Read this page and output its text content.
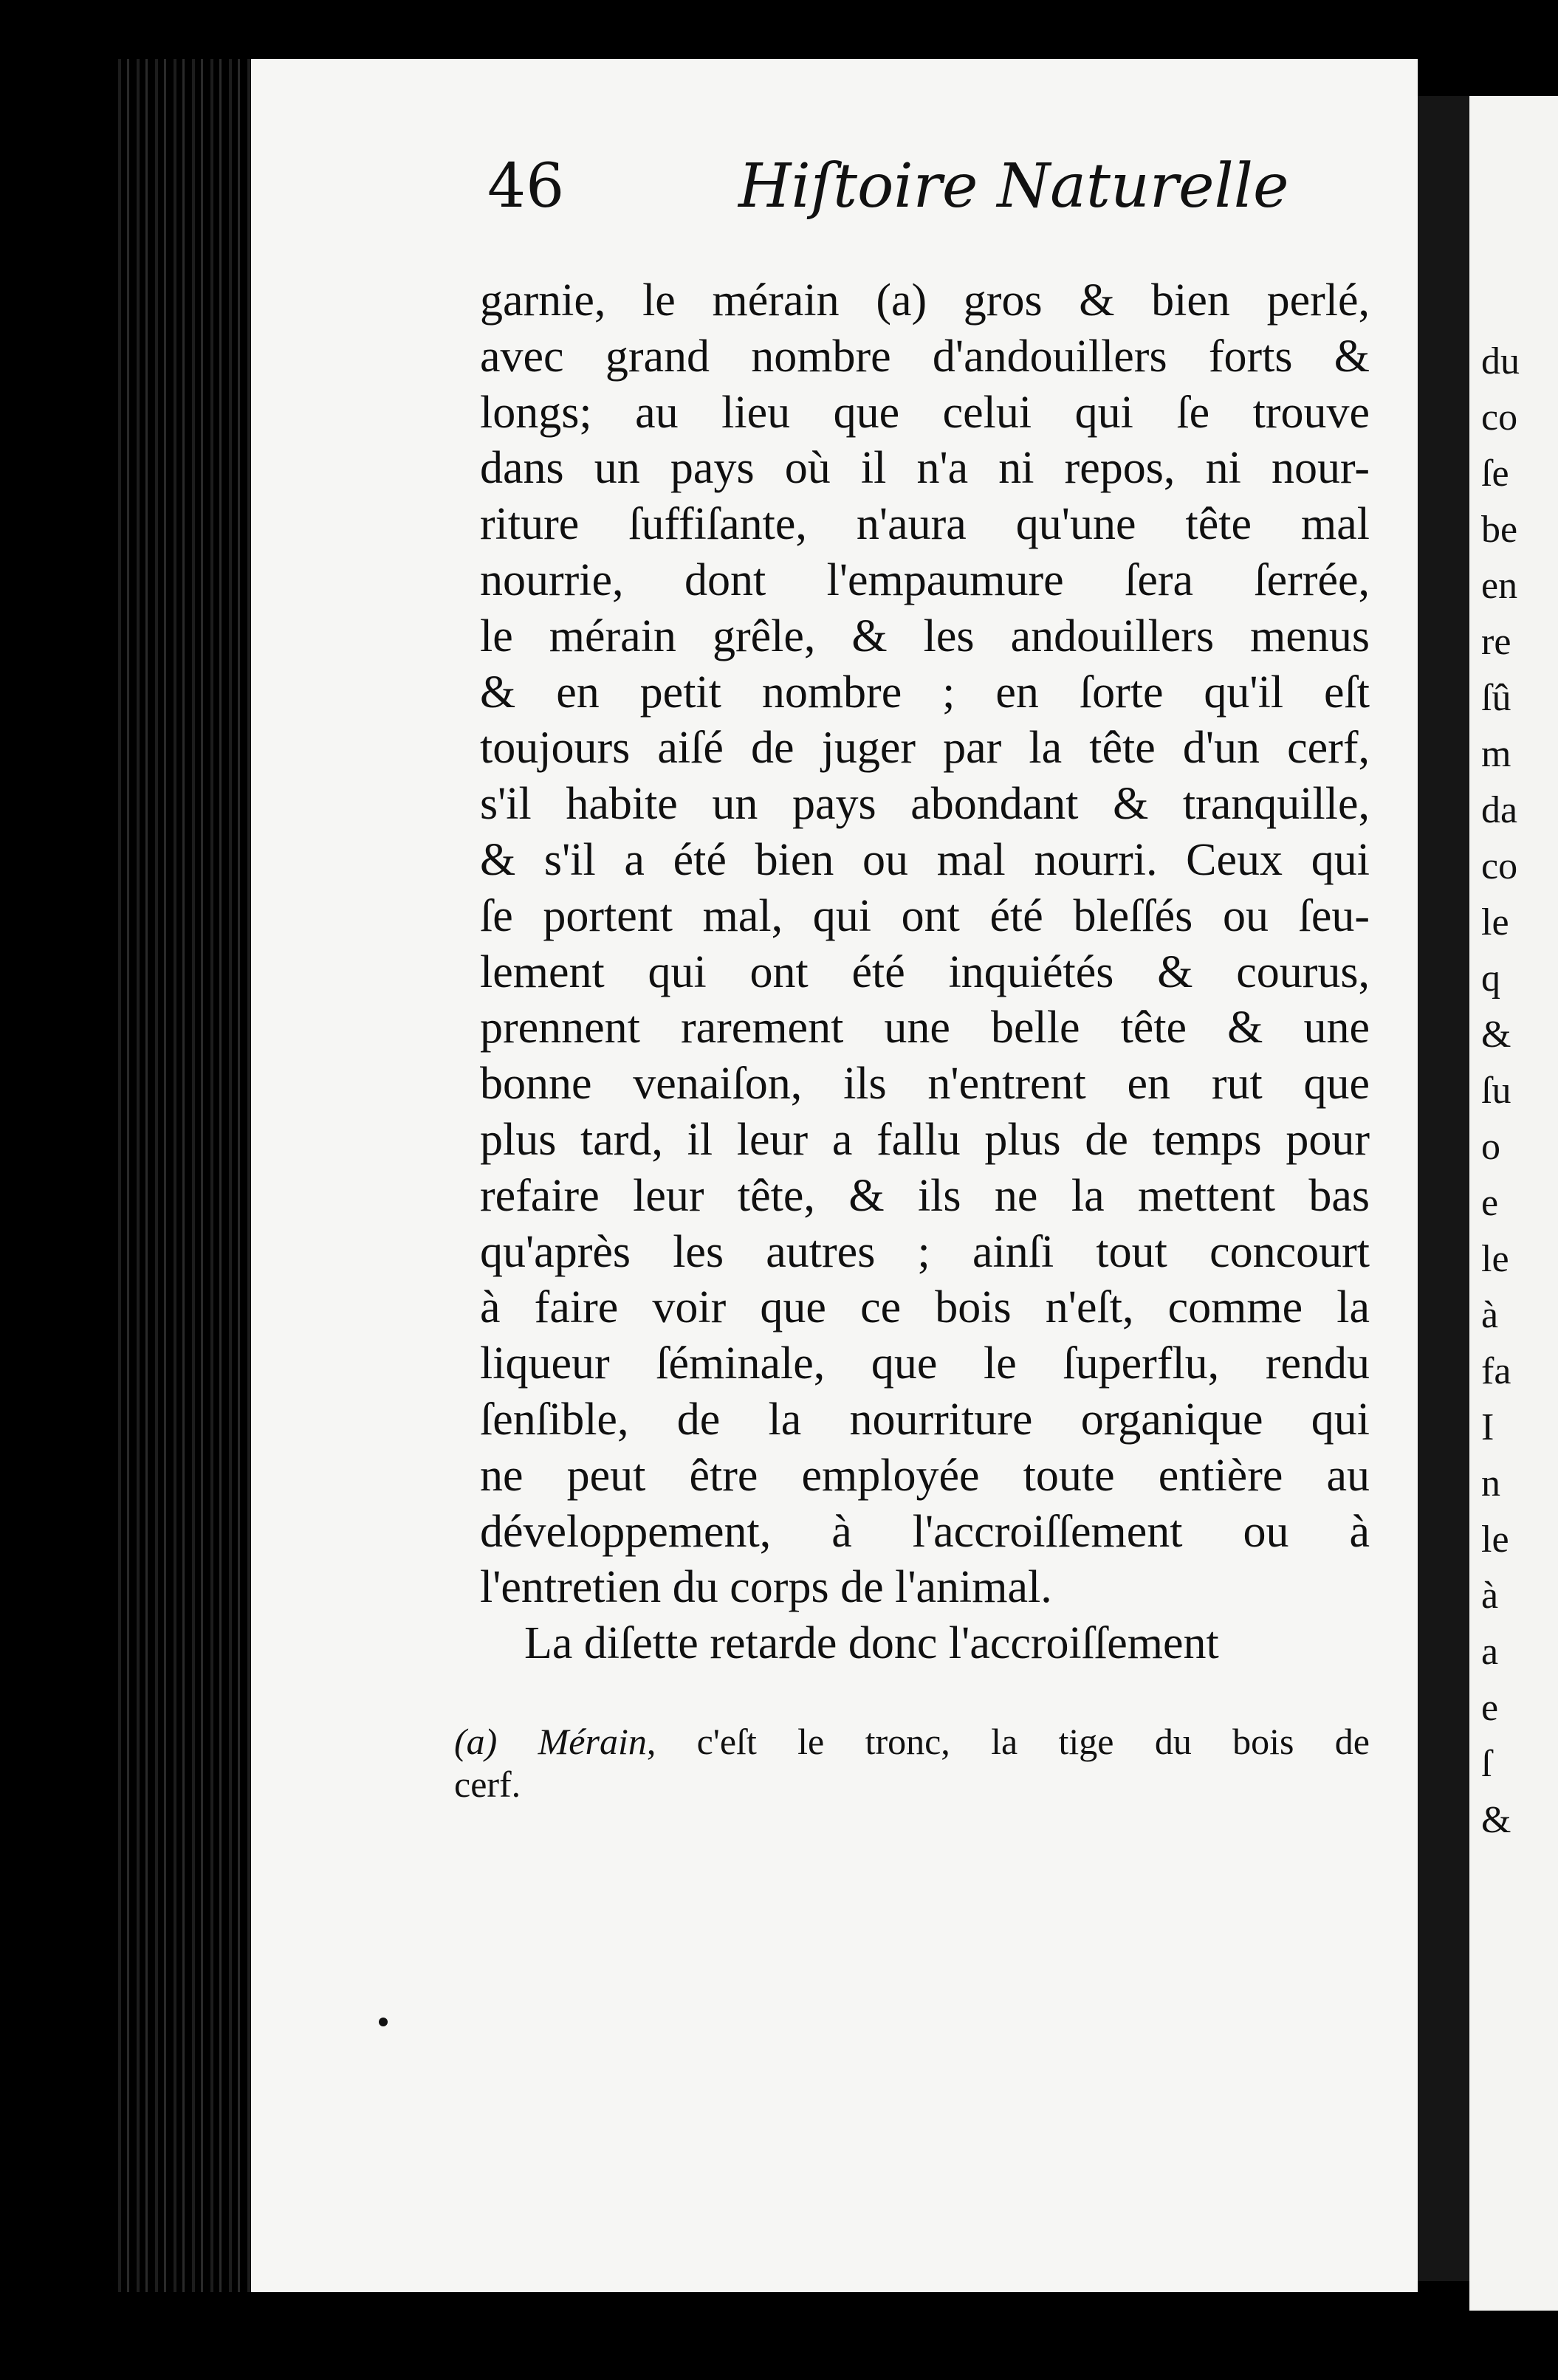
du
co
ſe
be
en
re
ſû
m
da
co
le
q
&
ſu
o
e
le
à
fa
I
n
le
à
a
e
ſ
&
46	Hiſtoire Naturelle
garnie, le mérain (a) gros & bien perlé,
avec grand nombre d'andouillers forts &
longs; au lieu que celui qui ſe trouve
dans un pays où il n'a ni repos, ni nour-
riture ſuffiſante, n'aura qu'une tête mal
nourrie, dont l'empaumure ſera ſerrée,
le mérain grêle, & les andouillers menus
& en petit nombre ; en ſorte qu'il eſt
toujours aiſé de juger par la tête d'un cerf,
s'il habite un pays abondant & tranquille,
& s'il a été bien ou mal nourri. Ceux qui
ſe portent mal, qui ont été bleſſés ou ſeu-
lement qui ont été inquiétés & courus,
prennent rarement une belle tête & une
bonne venaiſon, ils n'entrent en rut que
plus tard, il leur a fallu plus de temps pour
refaire leur tête, & ils ne la mettent bas
qu'après les autres ; ainſi tout concourt
à faire voir que ce bois n'eſt, comme la
liqueur ſéminale, que le ſuperflu, rendu
ſenſible, de la nourriture organique qui
ne peut être employée toute entière au
développement, à l'accroiſſement ou à
l'entretien du corps de l'animal.
La diſette retarde donc l'accroiſſement
(a) Mérain, c'eſt le tronc, la tige du bois de
cerf.
